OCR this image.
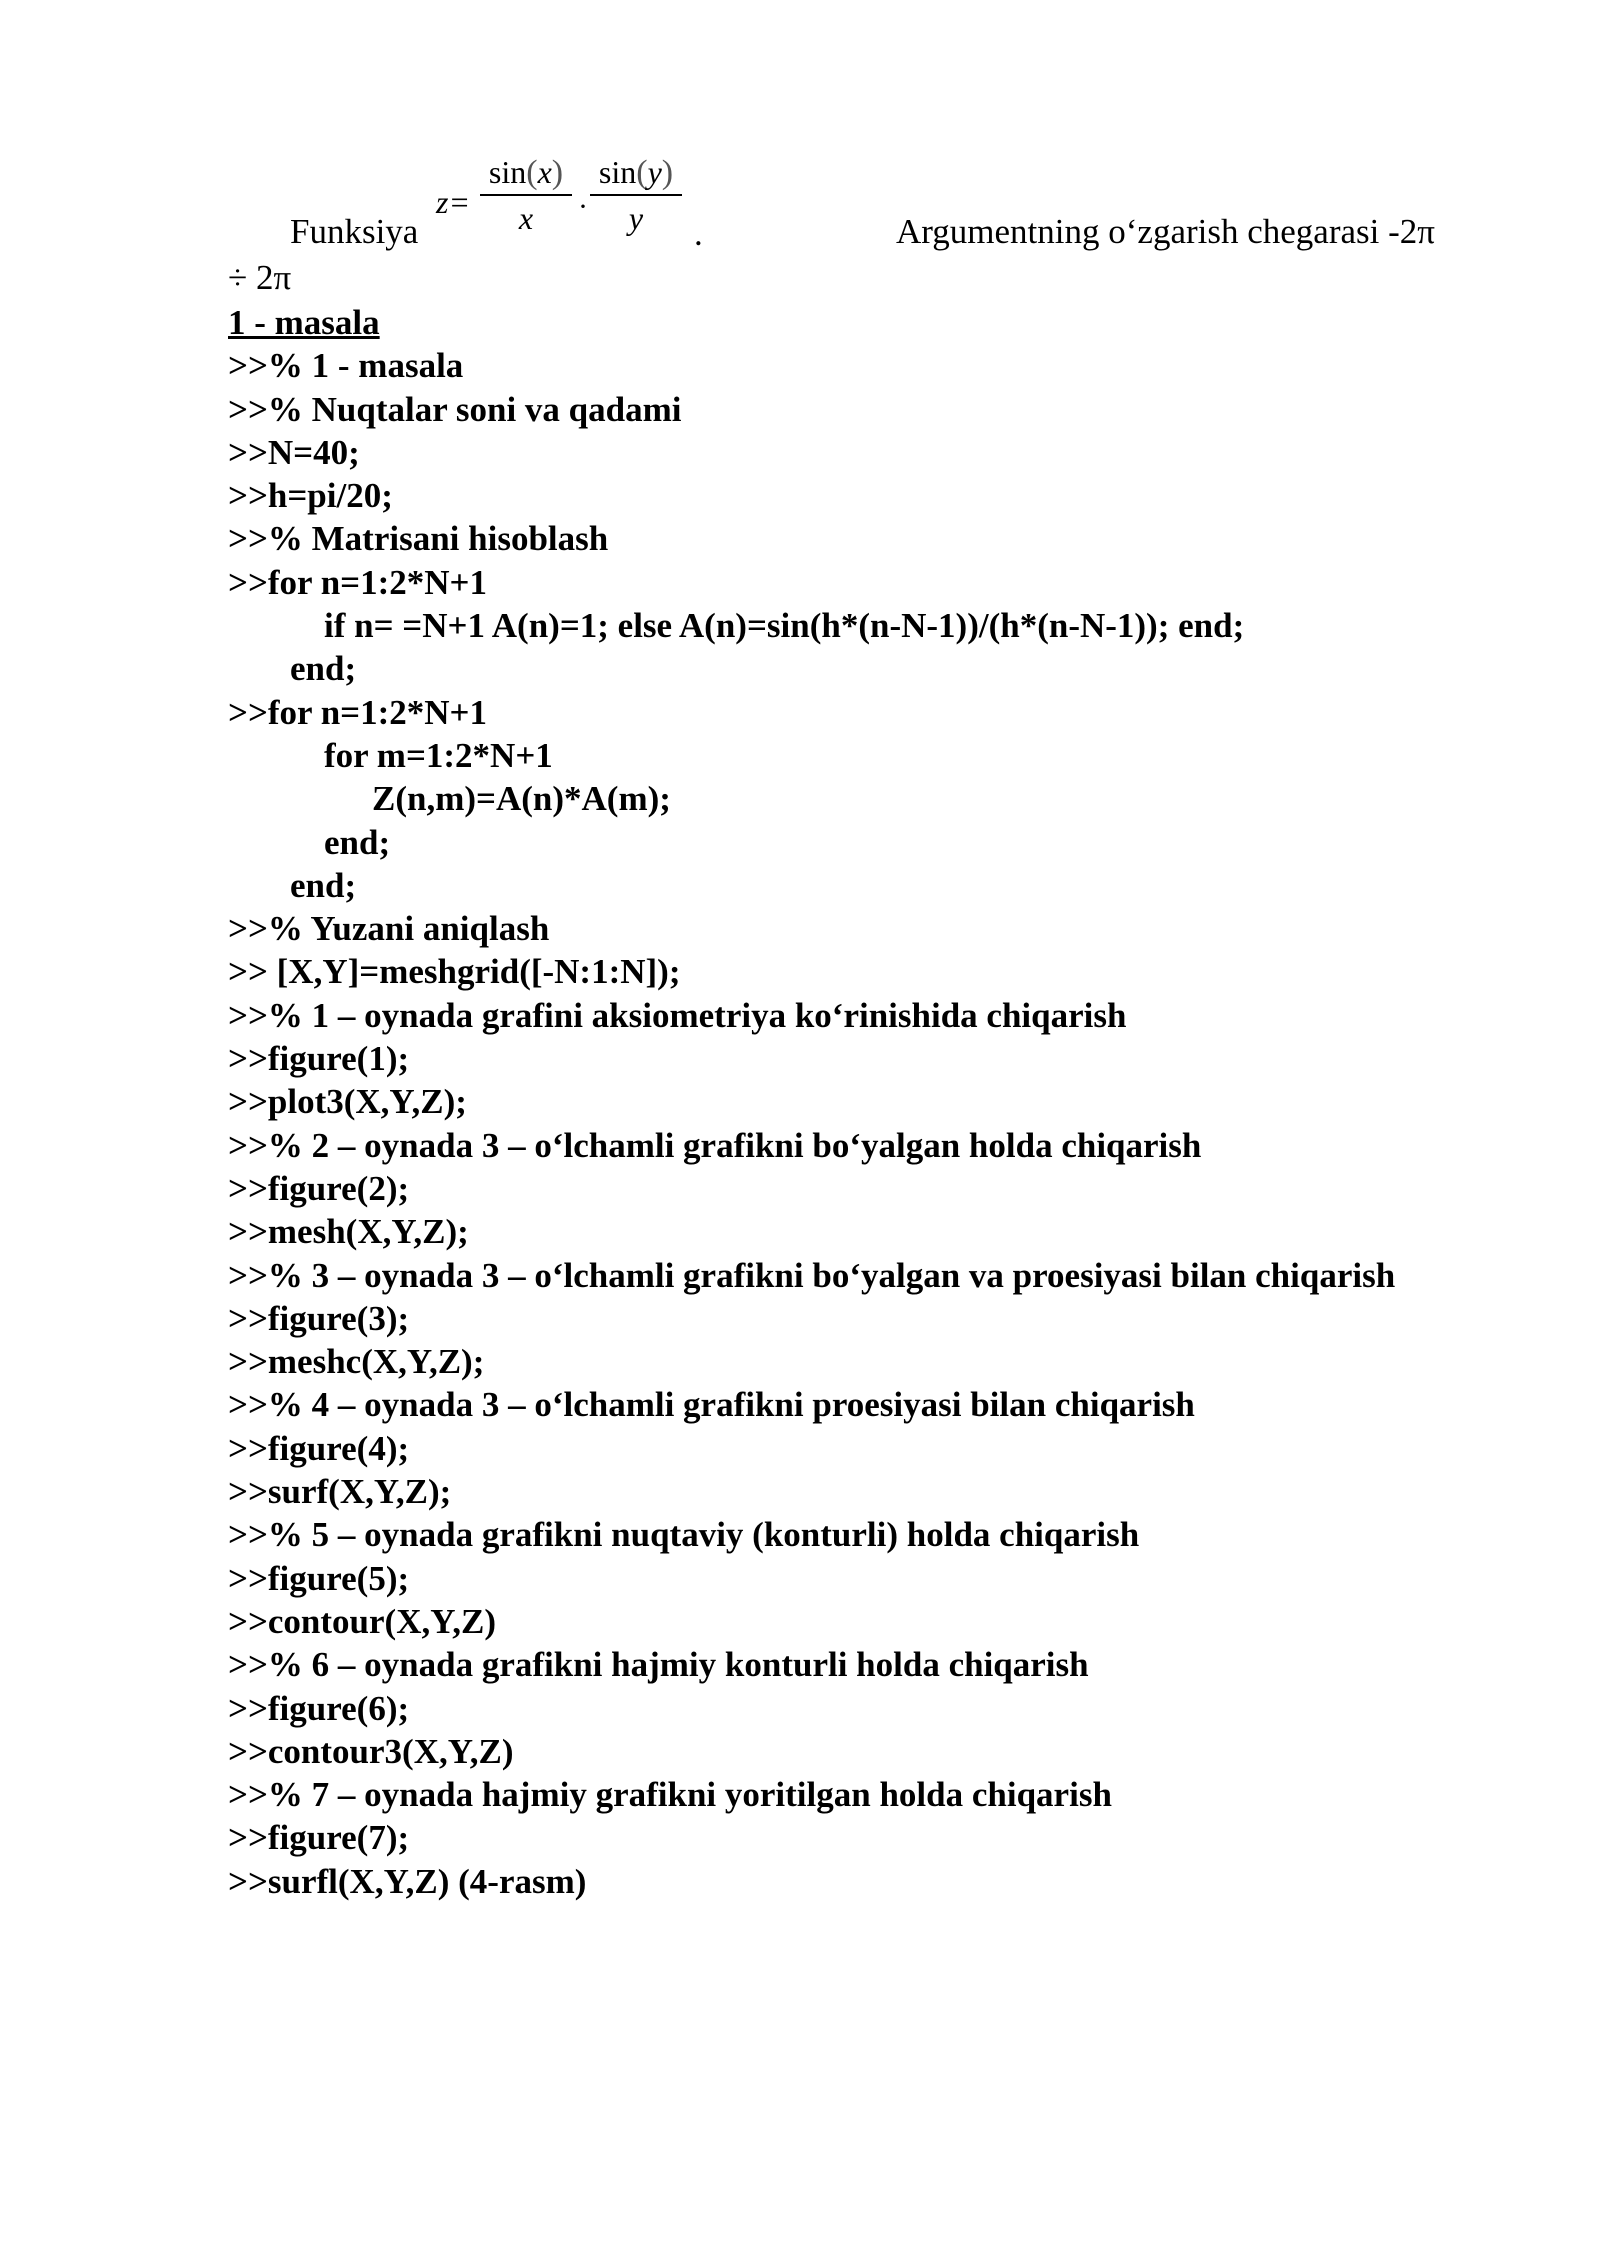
Funksiya
z=
sin(x)
x	·
sin(y)
y	.	Argumentning o‘zgarish chegarasi -2π
÷ 2π
1 - masala
>>% 1 - masala
>>% Nuqtalar soni va qadami
>>N=40;
>>h=pi/20;
>>% Matrisani hisoblash
>>for n=1:2*N+1
if n= =N+1 A(n)=1; else A(n)=sin(h*(n-N-1))/(h*(n-N-1)); end;
end;
>>for n=1:2*N+1
for m=1:2*N+1
Z(n,m)=A(n)*A(m);
end;
end;
>>% Yuzani aniqlash
>> [X,Y]=meshgrid([-N:1:N]);
>>% 1 – oynada grafini aksiometriya ko‘rinishida chiqarish
>>figure(1);
>>plot3(X,Y,Z);
>>% 2 – oynada 3 – o‘lchamli grafikni bo‘yalgan holda chiqarish
>>figure(2);
>>mesh(X,Y,Z);
>>% 3 – oynada 3 – o‘lchamli grafikni bo‘yalgan va proesiyasi bilan chiqarish
>>figure(3);
>>meshc(X,Y,Z);
>>% 4 – oynada 3 – o‘lchamli grafikni proesiyasi bilan chiqarish
>>figure(4);
>>surf(X,Y,Z);
>>% 5 – oynada grafikni nuqtaviy (konturli) holda chiqarish
>>figure(5);
>>contour(X,Y,Z)
>>% 6 – oynada grafikni hajmiy konturli holda chiqarish
>>figure(6);
>>contour3(X,Y,Z)
>>% 7 – oynada hajmiy grafikni yoritilgan holda chiqarish
>>figure(7);
>>surfl(X,Y,Z) (4-rasm)
